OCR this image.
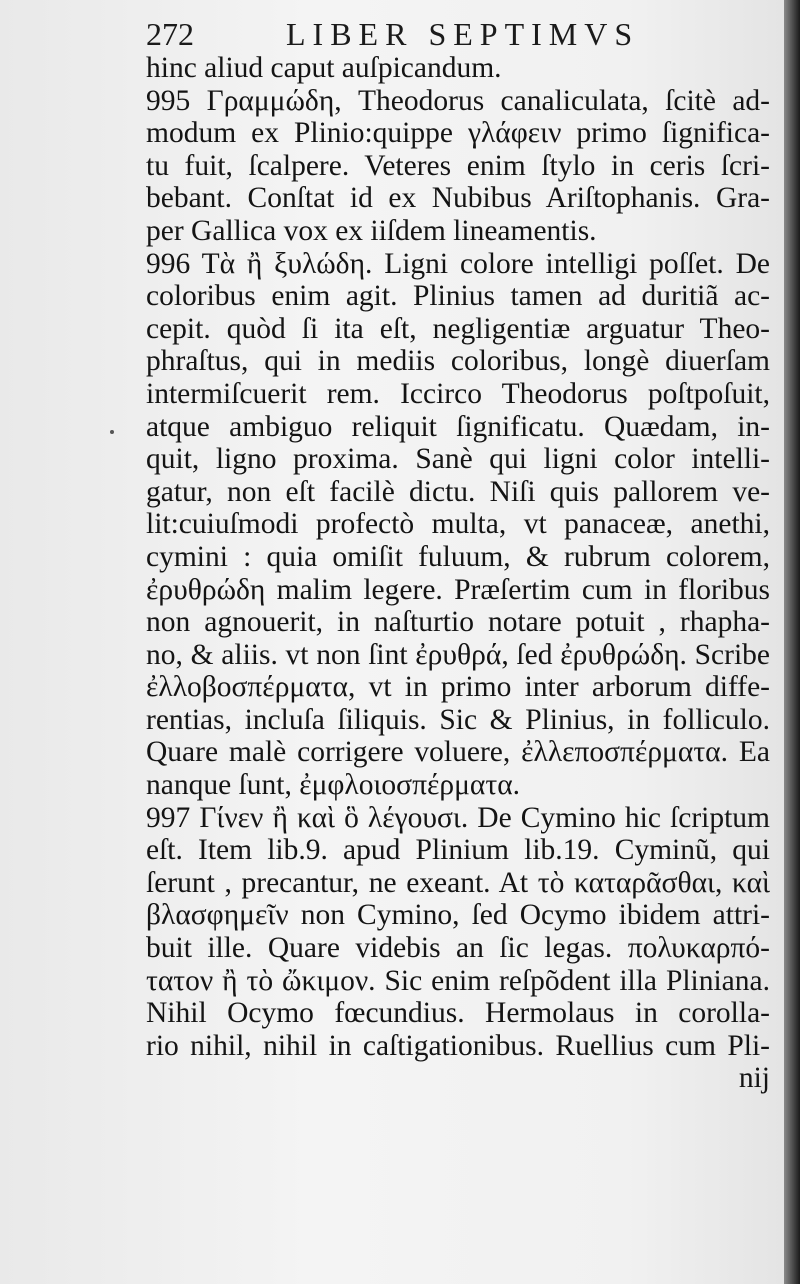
272	LIBER SEPTIMVS
hinc aliud caput auſpicandum.
995 Γραμμώδη, Theodorus canaliculata, ſcitè ad-
modum ex Plinio:quippe γλάφειν primo ſignifica-
tu fuit, ſcalpere. Veteres enim ſtylo in ceris ſcri-
bebant. Conſtat id ex Nubibus Ariſtophanis. Gra-
per Gallica vox ex iiſdem lineamentis.
996 Τὰ ἢ ξυλώδη. Ligni colore intelligi poſſet. De
coloribus enim agit. Plinius tamen ad duritiã ac-
cepit. quòd ſi ita eſt, negligentiæ arguatur Theo-
phraſtus, qui in mediis coloribus, longè diuerſam
intermiſcuerit rem. Iccirco Theodorus poſtpoſuit,
atque ambiguo reliquit ſignificatu. Quædam, in-
quit, ligno proxima. Sanè qui ligni color intelli-
gatur, non eſt facilè dictu. Niſi quis pallorem ve-
lit:cuiuſmodi profectò multa, vt panaceæ, anethi,
cymini : quia omiſit fuluum, & rubrum colorem,
ἐρυθρώδη malim legere. Præſertim cum in floribus
non agnouerit, in naſturtio notare potuit , rhapha-
no, & aliis. vt non ſint ἐρυθρά, ſed ἐρυθρώδη. Scribe
ἐλλοβοσπέρματα, vt in primo inter arborum diffe-
rentias, incluſa ſiliquis. Sic & Plinius, in folliculo.
Quare malè corrigere voluere, ἐλλεποσπέρματα. Ea
nanque ſunt, ἐμφλοιοσπέρματα.
997 Γίνεν ἢ καὶ ὃ λέγουσι. De Cymino hic ſcriptum
eſt. Item lib.9. apud Plinium lib.19. Cyminũ, qui
ſerunt , precantur, ne exeant. At τὸ καταρᾶσθαι, καὶ
βλασφημεῖν non Cymino, ſed Ocymo ibidem attri-
buit ille. Quare videbis an ſic legas. πολυκαρπό-
τατον ἢ τὸ ὤκιμον. Sic enim reſpõdent illa Pliniana.
Nihil Ocymo fœcundius. Hermolaus in corolla-
rio nihil, nihil in caſtigationibus. Ruellius cum Pli-
nij
